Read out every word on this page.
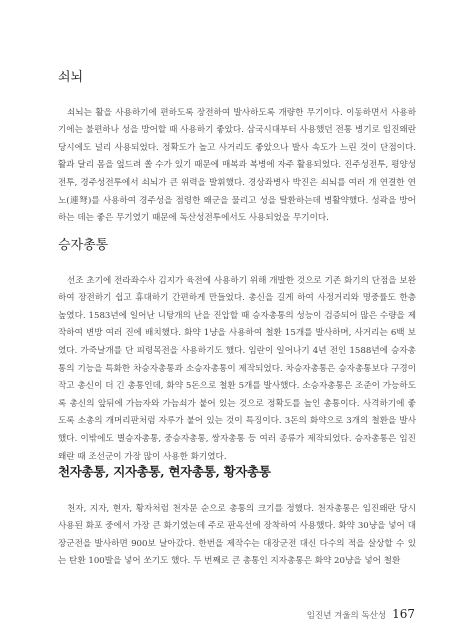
쇠뇌

쇠뇌는 활을 사용하기에 편하도록 장전하여 발사하도록 개량한 무기이다. 이동하면서 사용하기에는 불편하나 성을 방어할 때 사용하기 좋았다. 삼국시대부터 사용했던 전통 병기로 임진왜란 당시에도 널리 사용되었다. 정확도가 높고 사거리도 좋았으나 발사 속도가 느린 것이 단점이다. 활과 달리 몸을 엎드려 쏠 수가 있기 때문에 매복과 복병에 자주 활용되었다. 진주성전투, 평양성전투, 경주성전투에서 쇠뇌가 큰 위력을 발휘했다. 경상좌병사 박진은 쇠뇌를 여러 개 연결한 연노(連弩)를 사용하여 경주성을 점령한 왜군을 물리고 성을 탈환하는데 병활약했다. 성곽을 방어하는 데는 좋은 무기였기 때문에 독산성전투에서도 사용되었을 무기이다.

승자총통

선조 초기에 전라좌수사 김지가 육전에 사용하기 위해 개발한 것으로 기존 화기의 단점을 보완하여 장전하기 쉽고 휴대하기 간편하게 만들었다. 총신을 길게 하여 사정거리와 명중률도 한층 높였다. 1583년에 일어난 니탕개의 난을 진압할 때 승자총통의 성능이 검증되어 많은 수량을 제작하여 변방 여러 진에 배치했다. 화약 1냥을 사용하여 철환 15개를 발사하며, 사거리는 6백 보였다. 가죽날개를 단 피령목전을 사용하기도 했다. 임란이 일어나기 4년 전인 1588년에 승자총통의 기능을 특화한 차승자총통과 소승자총통이 제작되었다. 차승자총통은 승자총통보다 구경이 작고 총신이 더 긴 총통인데, 화약 5돈으로 철환 5개를 발사했다. 소승자총통은 조준이 가능하도록 총신의 앞뒤에 가늠자와 가늠쇠가 붙어 있는 것으로 정확도를 높인 총통이다. 사격하기에 좋도록 소총의 개머리판처럼 자루가 붙어 있는 것이 특징이다. 3돈의 화약으로 3개의 철환을 발사했다. 이밖에도 별승자총통, 중승자총통, 쌍자총통 등 여러 종류가 제작되었다. 승자총통은 임진왜란 때 조선군이 가장 많이 사용한 화기였다.

천자총통, 지자총통, 현자총통, 황자총통

천자, 지자, 현자, 황자처럼 천자문 순으로 총통의 크기를 정했다. 천자총통은 임진왜란 당시 사용된 화포 중에서 가장 큰 화기였는데 주로 판옥선에 장착하여 사용했다. 화약 30냥을 넣어 대장군전을 발사하면 900보 날아갔다. 한번을 제작수는 대장군전 대신 다수의 적을 살상할 수 있는 탄환 100발을 넣어 쏘기도 했다. 두 번째로 큰 총통인 지자총통은 화약 20냥을 넣어 철환

임진년 겨울의 독산성 167
